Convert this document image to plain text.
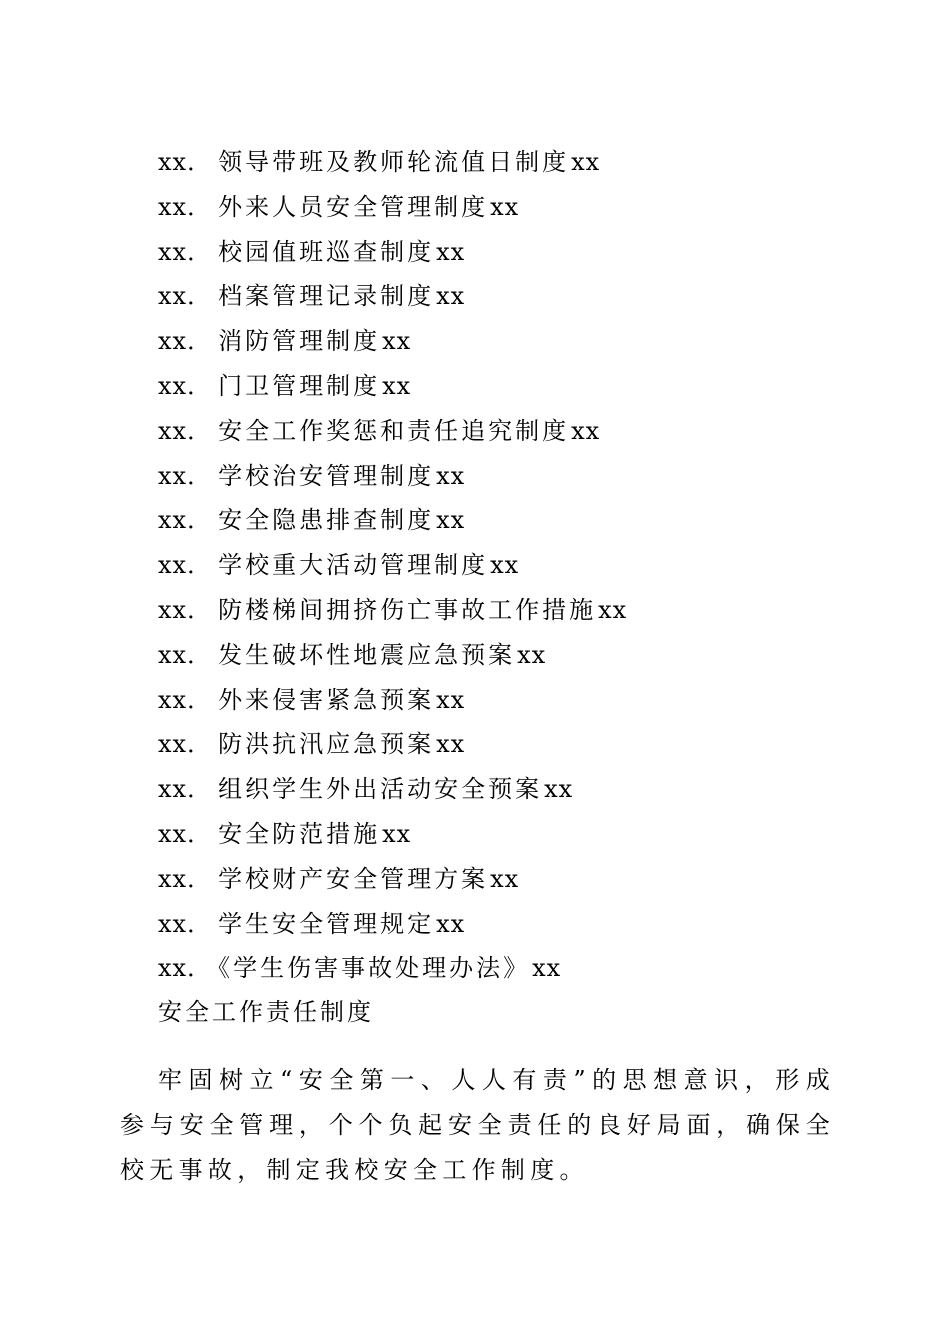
xx． 领导带班及教师轮流值日制度xx
xx． 外来人员安全管理制度xx
xx． 校园值班巡查制度xx
xx． 档案管理记录制度xx
xx． 消防管理制度xx
xx． 门卫管理制度xx
xx． 安全工作奖惩和责任追究制度xx
xx． 学校治安管理制度xx
xx． 安全隐患排查制度xx
xx． 学校重大活动管理制度xx
xx． 防楼梯间拥挤伤亡事故工作措施xx
xx． 发生破坏性地震应急预案xx
xx． 外来侵害紧急预案xx
xx． 防洪抗汛应急预案xx
xx． 组织学生外出活动安全预案xx
xx． 安全防范措施xx
xx． 学校财产安全管理方案xx
xx． 学生安全管理规定xx
xx． 《学生伤害事故处理办法》xx
安全工作责任制度

牢固树立“安全第一、人人有责”的思想意识，形成参与安全管理，个个负起安全责任的良好局面，确保全校无事故，制定我校安全工作制度。
